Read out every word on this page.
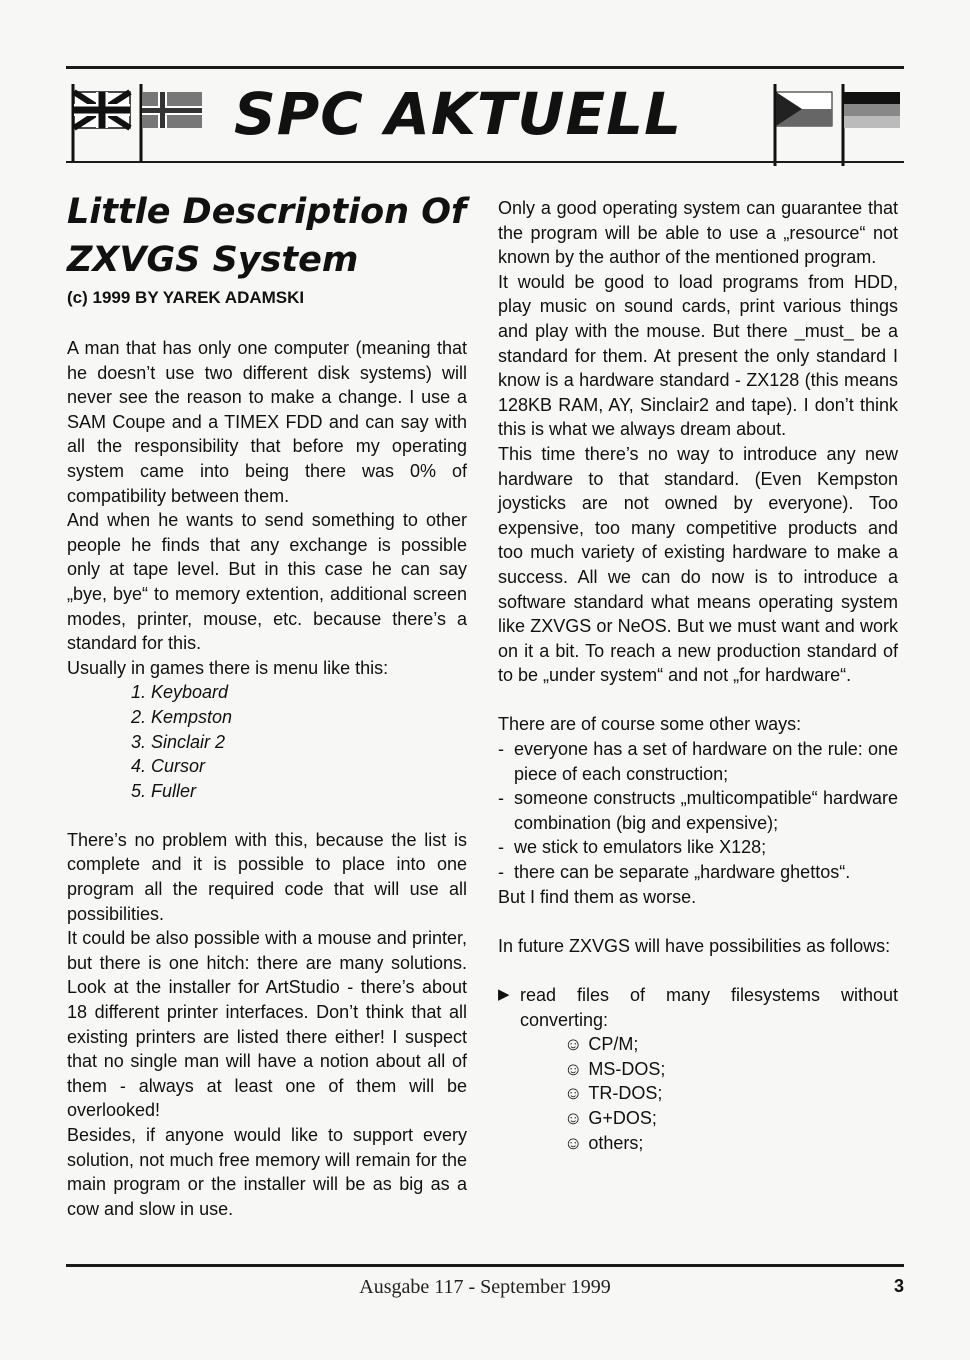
SPC AKTUELL
Little Description Of
ZXVGS System
(c) 1999 BY YAREK ADAMSKI

A man that has only one computer (meaning that he doesn’t use two different disk systems) will never see the reason to make a change. I use a SAM Coupe and a TIMEX FDD and can say with all the responsibility that before my operating system came into being there was 0% of compatibility between them.

And when he wants to send something to other people he finds that any exchange is possible only at tape level. But in this case he can say „bye, bye“ to memory extention, additional screen modes, printer, mouse, etc. because there’s a standard for this.

Usually in games there is menu like this:

1. Keyboard
2. Kempston
3. Sinclair 2
4. Cursor
5. Fuller

There’s no problem with this, because the list is complete and it is possible to place into one program all the required code that will use all possibilities.

It could be also possible with a mouse and printer, but there is one hitch: there are many solutions. Look at the installer for ArtStudio - there’s about 18 different printer interfaces. Don’t think that all existing printers are listed there either! I suspect that no single man will have a notion about all of them - always at least one of them will be overlooked!

Besides, if anyone would like to support every solution, not much free memory will remain for the main program or the installer will be as big as a cow and slow in use.

Only a good operating system can guarantee that the program will be able to use a „resource“ not known by the author of the mentioned program.

It would be good to load programs from HDD, play music on sound cards, print various things and play with the mouse. But there _must_ be a standard for them. At present the only standard I know is a hardware standard - ZX128 (this means 128KB RAM, AY, Sinclair2 and tape). I don’t think this is what we always dream about.

This time there’s no way to introduce any new hardware to that standard. (Even Kempston joysticks are not owned by everyone). Too expensive, too many competitive products and too much variety of existing hardware to make a success. All we can do now is to introduce a software standard what means operating system like ZXVGS or NeOS. But we must want and work on it a bit. To reach a new production standard of to be „under system“ and not „for hardware“.

There are of course some other ways:

- everyone has a set of hardware on the rule: one piece of each construction;
- someone constructs „multicompatible“ hardware combination (big and expensive);
- we stick to emulators like X128;
- there can be separate „hardware ghettos“.

But I find them as worse.

In future ZXVGS will have possibilities as follows:

▶ read files of many filesystems without converting:
☺ CP/M;
☺ MS-DOS;
☺ TR-DOS;
☺ G+DOS;
☺ others;
Ausgabe 117 - September 1999	3
